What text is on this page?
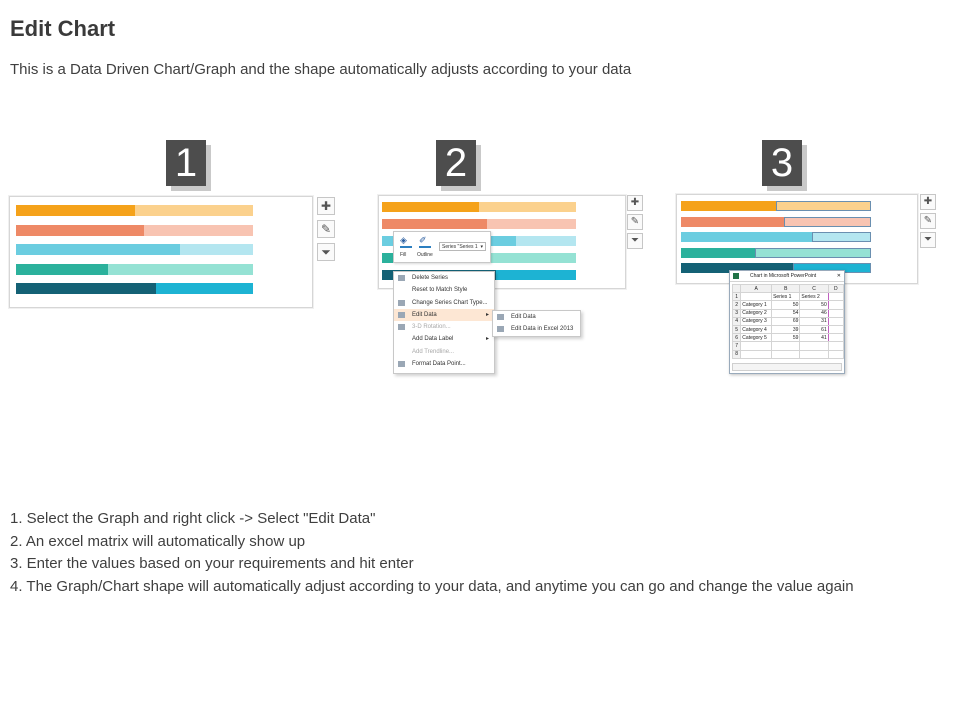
Edit Chart
This is a Data Driven Chart/Graph and the shape automatically adjusts according to your data
1	2	3
✚
✎
⏷
✚
✎
⏷
✚
✎
⏷
◈
Fill
✐
Outline
Series "Series 1 ▾
Delete Series
Reset to Match Style
Change Series Chart Type...
Edit Data	▸
3-D Rotation...
Add Data Label	▸
Add Trendline...
Format Data Point...
Edit Data
Edit Data in Excel 2013
Chart in Microsoft PowerPoint	✕
	A	B	C	D
1		Series 1	Series 2	
2	Category 1	50	50	
3	Category 2	54	46	
4	Category 3	69	31	
5	Category 4	39	61	
6	Category 5	59	41	
7				
8				
1. Select the Graph and right click -> Select "Edit Data"
2. An excel matrix will automatically show up
3. Enter the values based on your requirements and hit enter
4. The Graph/Chart shape will automatically adjust according to your data, and anytime you can go and change the value again
